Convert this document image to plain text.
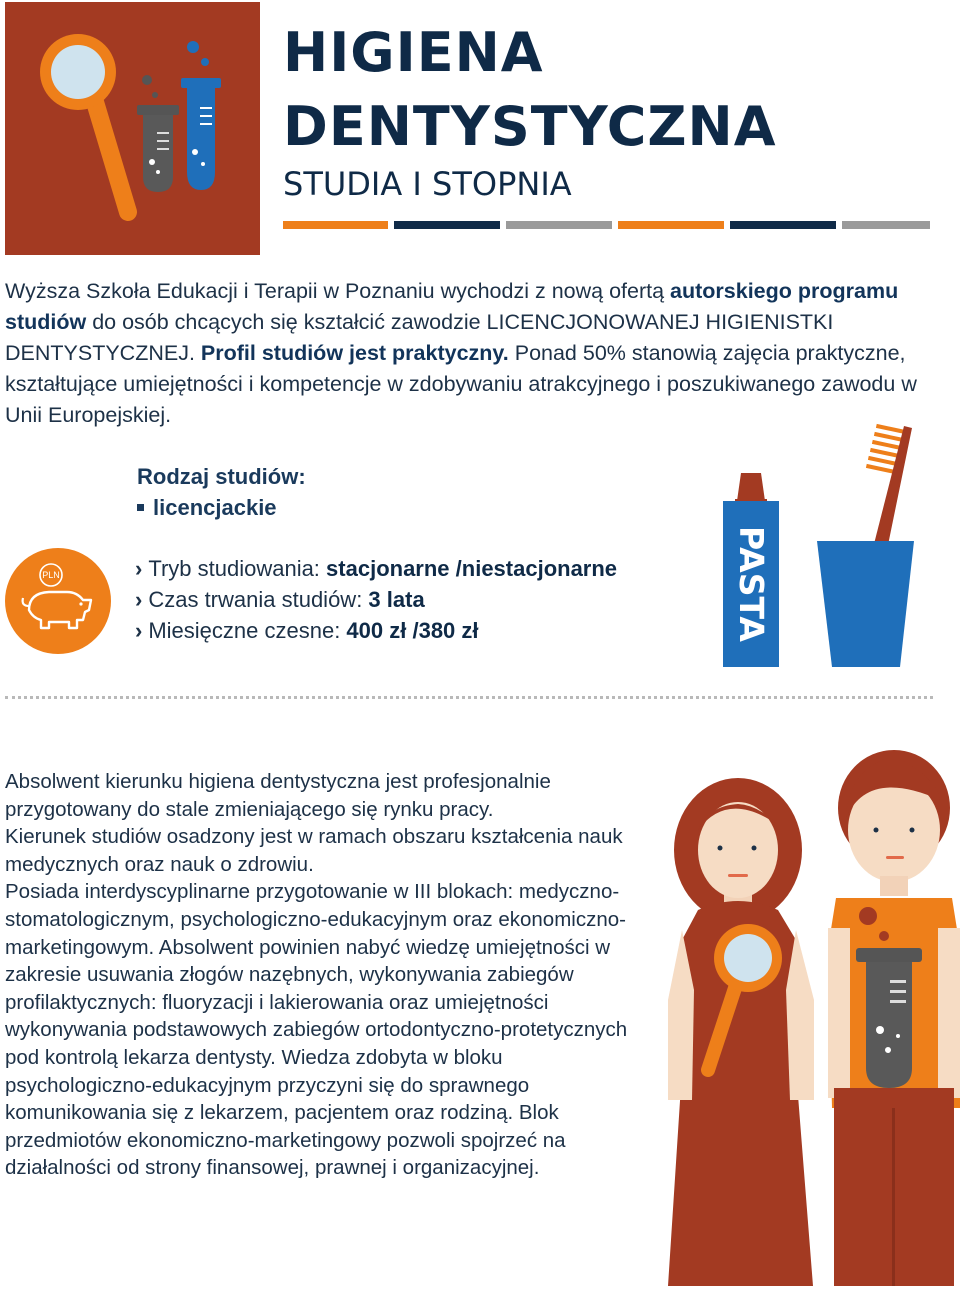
HIGIENA
DENTYSTYCZNA
STUDIA I STOPNIA
Wyższa Szkoła Edukacji i Terapii w Poznaniu wychodzi z nową ofertą autorskiego programu studiów do osób chcących się kształcić zawodzie LICENCJONOWANEJ HIGIENISTKI DENTYSTYCZNEJ. Profil studiów jest praktyczny. Ponad 50% stanowią zajęcia praktyczne, kształtujące umiejętności i kompetencje w zdobywaniu atrakcyjnego i poszukiwanego zawodu w Unii Europejskiej.
Rodzaj studiów:
licencjackie
PLN	› Tryb studiowania: stacjonarne /niestacjonarne
› Czas trwania studiów: 3 lata
› Miesięczne czesne: 400 zł /380 zł	PASTA

Absolwent kierunku higiena dentystyczna jest profesjonalnie przygotowany do stale zmieniającego się rynku pracy.

Kierunek studiów osadzony jest w ramach obszaru kształcenia nauk medycznych oraz nauk o zdrowiu.

Posiada interdyscyplinarne przygotowanie w III blokach: medyczno-stomatologicznym, psychologiczno-edukacyjnym oraz ekonomiczno-marketingowym. Absolwent powinien nabyć wiedzę umiejętności w zakresie usuwania złogów nazębnych, wykonywania zabiegów profilaktycznych: fluoryzacji i lakierowania oraz umiejętności wykonywania podstawowych zabiegów ortodontyczno-protetycznych pod kontrolą lekarza dentysty. Wiedza zdobyta w bloku psychologiczno-edukacyjnym przyczyni się do sprawnego komunikowania się z lekarzem, pacjentem oraz rodziną. Blok przedmiotów ekonomiczno-marketingowy pozwoli spojrzeć na działalności od strony finansowej, prawnej i organizacyjnej.
